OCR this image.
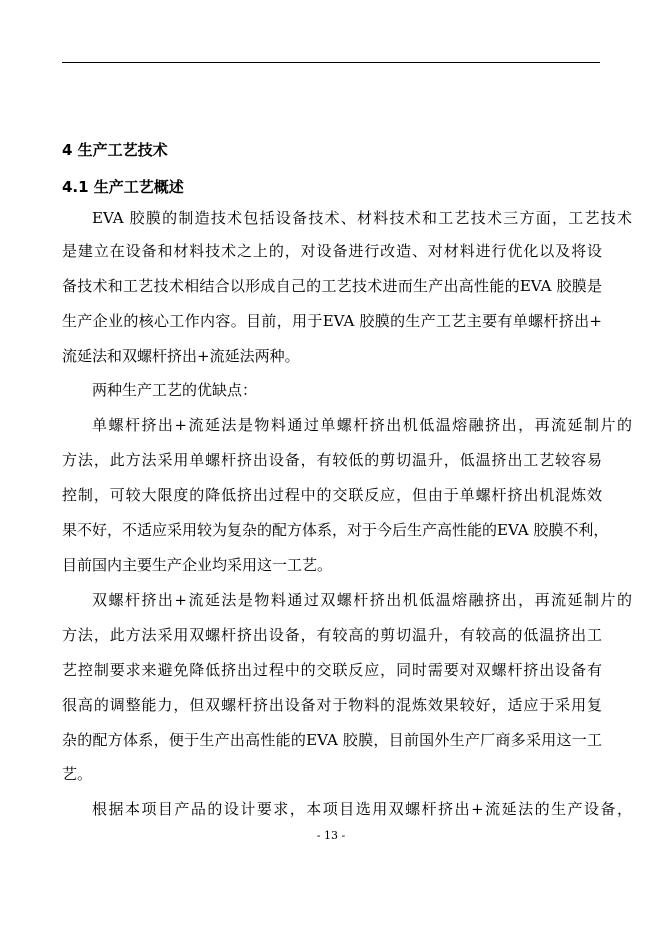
4 生产工艺技术
4.1 生产工艺概述
EVA 胶膜的制造技术包括设备技术、材料技术和工艺技术三方面，工艺技术
是建立在设备和材料技术之上的，对设备进行改造、对材料进行优化以及将设
备技术和工艺技术相结合以形成自己的工艺技术进而生产出高性能的EVA 胶膜是
生产企业的核心工作内容。目前，用于EVA 胶膜的生产工艺主要有单螺杆挤出+
流延法和双螺杆挤出+流延法两种。
两种生产工艺的优缺点：
单螺杆挤出+流延法是物料通过单螺杆挤出机低温熔融挤出，再流延制片的
方法，此方法采用单螺杆挤出设备，有较低的剪切温升，低温挤出工艺较容易
控制，可较大限度的降低挤出过程中的交联反应，但由于单螺杆挤出机混炼效
果不好，不适应采用较为复杂的配方体系，对于今后生产高性能的EVA 胶膜不利，
目前国内主要生产企业均采用这一工艺。
双螺杆挤出+流延法是物料通过双螺杆挤出机低温熔融挤出，再流延制片的
方法，此方法采用双螺杆挤出设备，有较高的剪切温升，有较高的低温挤出工
艺控制要求来避免降低挤出过程中的交联反应，同时需要对双螺杆挤出设备有
很高的调整能力，但双螺杆挤出设备对于物料的混炼效果较好，适应于采用复
杂的配方体系，便于生产出高性能的EVA 胶膜，目前国外生产厂商多采用这一工
艺。
根据本项目产品的设计要求，本项目选用双螺杆挤出+流延法的生产设备，
- 13 -
